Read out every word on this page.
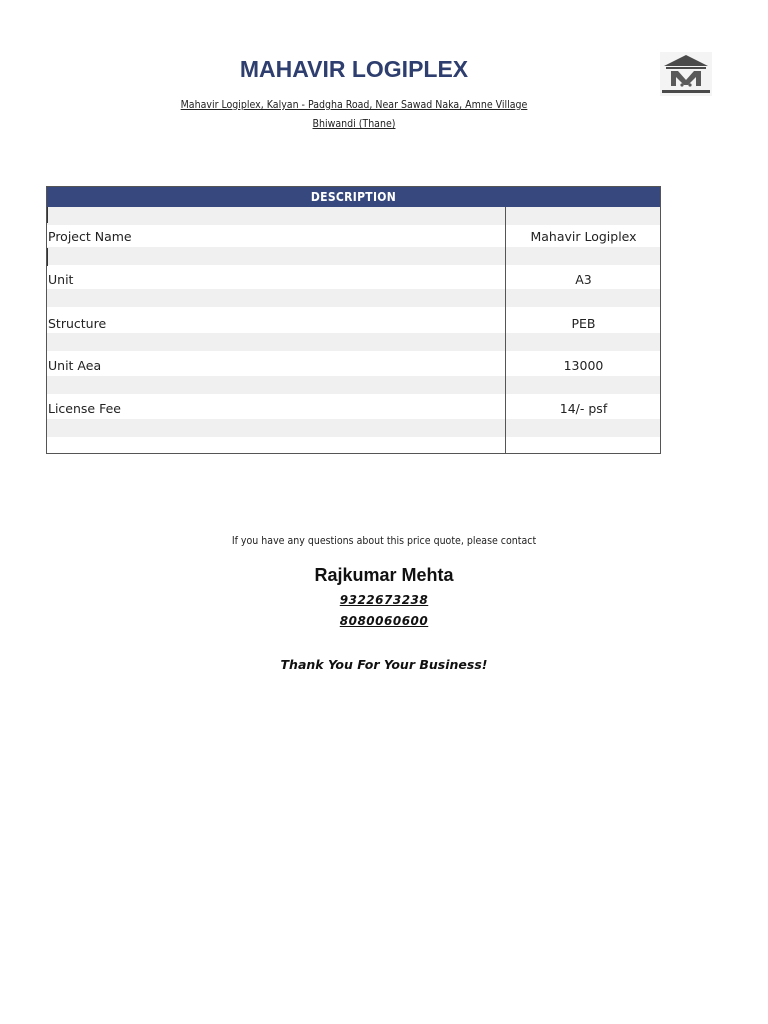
MAHAVIR LOGIPLEX
Mahavir Logiplex, Kalyan - Padgha Road, Near Sawad Naka, Amne Village
Bhiwandi (Thane)
DESCRIPTION
Project Name	Mahavir Logiplex
Unit	A3
Structure	PEB
Unit Aea	13000
License Fee	14/- psf
If you have any questions about this price quote, please contact
Rajkumar Mehta
9322673238
8080060600
Thank You For Your Business!
